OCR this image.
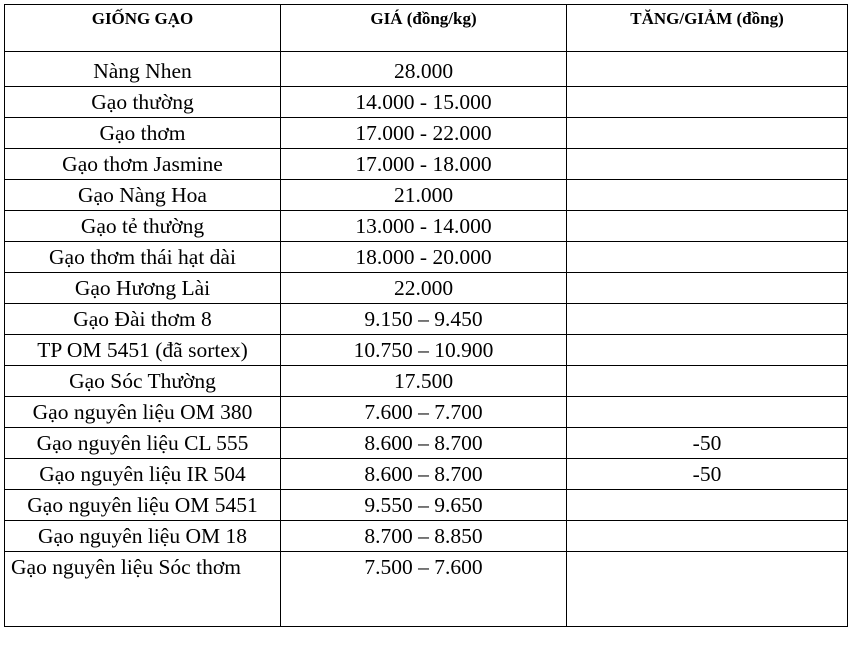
GIỐNG GẠO	GIÁ (đồng/kg)	TĂNG/GIẢM (đồng)
Nàng Nhen	28.000	
Gạo thường	14.000 - 15.000	
Gạo thơm	17.000 - 22.000	
Gạo thơm Jasmine	17.000 - 18.000	
Gạo Nàng Hoa	21.000	
Gạo tẻ thường	13.000 - 14.000	
Gạo thơm thái hạt dài	18.000 - 20.000	
Gạo Hương Lài	22.000	
Gạo Đài thơm 8	9.150 – 9.450	
TP OM 5451 (đã sortex)	10.750 – 10.900	
Gạo Sóc Thường	17.500	
Gạo nguyên liệu OM 380	7.600 – 7.700	
Gạo nguyên liệu CL 555	8.600 – 8.700	-50
Gạo nguyên liệu IR 504	8.600 – 8.700	-50
Gạo nguyên liệu OM 5451	9.550 – 9.650	
Gạo nguyên liệu OM 18	8.700 – 8.850	
Gạo nguyên liệu Sóc thơm	7.500 – 7.600	
